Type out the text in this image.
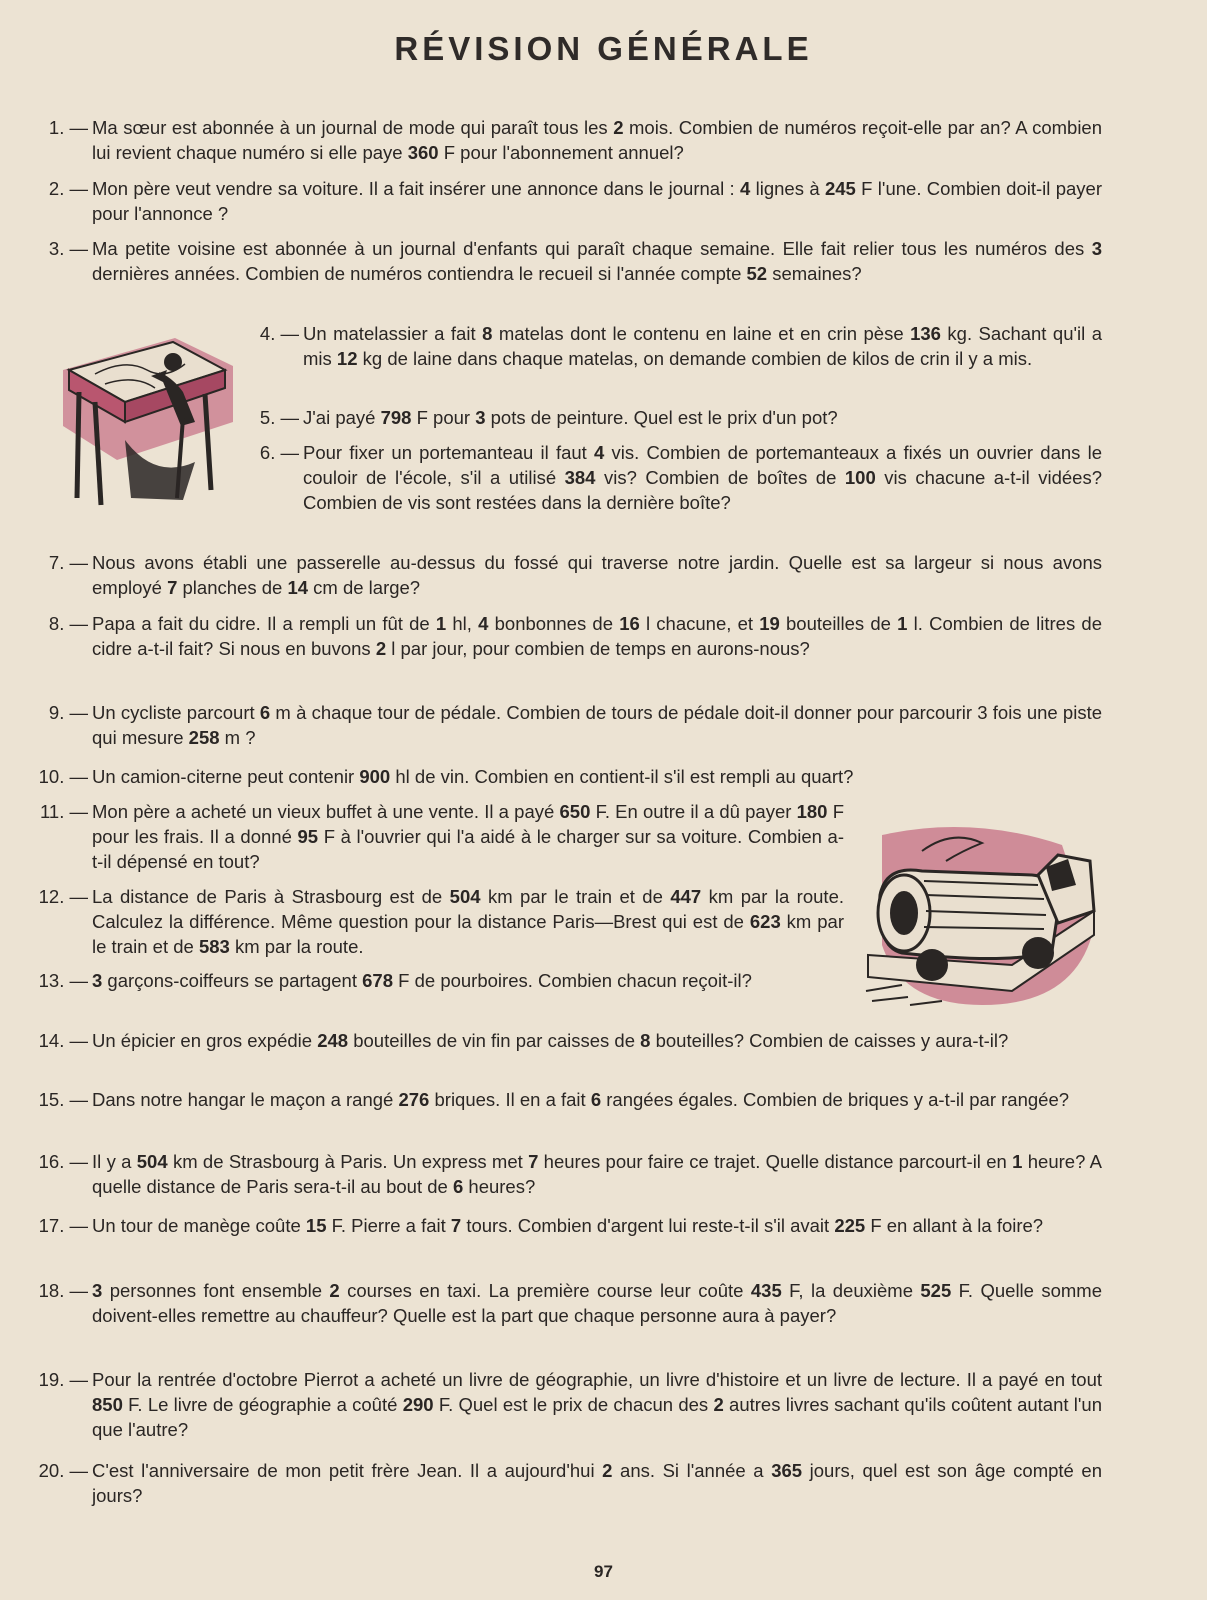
RÉVISION GÉNÉRALE
1. — Ma sœur est abonnée à un journal de mode qui paraît tous les 2 mois. Combien de numéros reçoit-elle par an? A combien lui revient chaque numéro si elle paye 360 F pour l'abonnement annuel?
2. — Mon père veut vendre sa voiture. Il a fait insérer une annonce dans le journal : 4 lignes à 245 F l'une. Combien doit-il payer pour l'annonce ?
3. — Ma petite voisine est abonnée à un journal d'enfants qui paraît chaque semaine. Elle fait relier tous les numéros des 3 dernières années. Combien de numéros contiendra le recueil si l'année compte 52 semaines?
4. — Un matelassier a fait 8 matelas dont le contenu en laine et en crin pèse 136 kg. Sachant qu'il a mis 12 kg de laine dans chaque matelas, on demande combien de kilos de crin il y a mis.
5. — J'ai payé 798 F pour 3 pots de peinture. Quel est le prix d'un pot?
6. — Pour fixer un portemanteau il faut 4 vis. Combien de portemanteaux a fixés un ouvrier dans le couloir de l'école, s'il a utilisé 384 vis? Combien de boîtes de 100 vis chacune a-t-il vidées? Combien de vis sont restées dans la dernière boîte?
7. — Nous avons établi une passerelle au-dessus du fossé qui traverse notre jardin. Quelle est sa largeur si nous avons employé 7 planches de 14 cm de large?
8. — Papa a fait du cidre. Il a rempli un fût de 1 hl, 4 bonbonnes de 16 l chacune, et 19 bouteilles de 1 l. Combien de litres de cidre a-t-il fait? Si nous en buvons 2 l par jour, pour combien de temps en aurons-nous?
9. — Un cycliste parcourt 6 m à chaque tour de pédale. Combien de tours de pédale doit-il donner pour parcourir 3 fois une piste qui mesure 258 m ?
10. — Un camion-citerne peut contenir 900 hl de vin. Combien en contient-il s'il est rempli au quart?
11. — Mon père a acheté un vieux buffet à une vente. Il a payé 650 F. En outre il a dû payer 180 F pour les frais. Il a donné 95 F à l'ouvrier qui l'a aidé à le charger sur sa voiture. Combien a-t-il dépensé en tout?
12. — La distance de Paris à Strasbourg est de 504 km par le train et de 447 km par la route. Calculez la différence. Même question pour la distance Paris—Brest qui est de 623 km par le train et de 583 km par la route.
13. — 3 garçons-coiffeurs se partagent 678 F de pourboires. Combien chacun reçoit-il?
14. — Un épicier en gros expédie 248 bouteilles de vin fin par caisses de 8 bouteilles? Combien de caisses y aura-t-il?
15. — Dans notre hangar le maçon a rangé 276 briques. Il en a fait 6 rangées égales. Combien de briques y a-t-il par rangée?
16. — Il y a 504 km de Strasbourg à Paris. Un express met 7 heures pour faire ce trajet. Quelle distance parcourt-il en 1 heure? A quelle distance de Paris sera-t-il au bout de 6 heures?
17. — Un tour de manège coûte 15 F. Pierre a fait 7 tours. Combien d'argent lui reste-t-il s'il avait 225 F en allant à la foire?
18. — 3 personnes font ensemble 2 courses en taxi. La première course leur coûte 435 F, la deuxième 525 F. Quelle somme doivent-elles remettre au chauffeur? Quelle est la part que chaque personne aura à payer?
19. — Pour la rentrée d'octobre Pierrot a acheté un livre de géographie, un livre d'histoire et un livre de lecture. Il a payé en tout 850 F. Le livre de géographie a coûté 290 F. Quel est le prix de chacun des 2 autres livres sachant qu'ils coûtent autant l'un que l'autre?
20. — C'est l'anniversaire de mon petit frère Jean. Il a aujourd'hui 2 ans. Si l'année a 365 jours, quel est son âge compté en jours?
97
